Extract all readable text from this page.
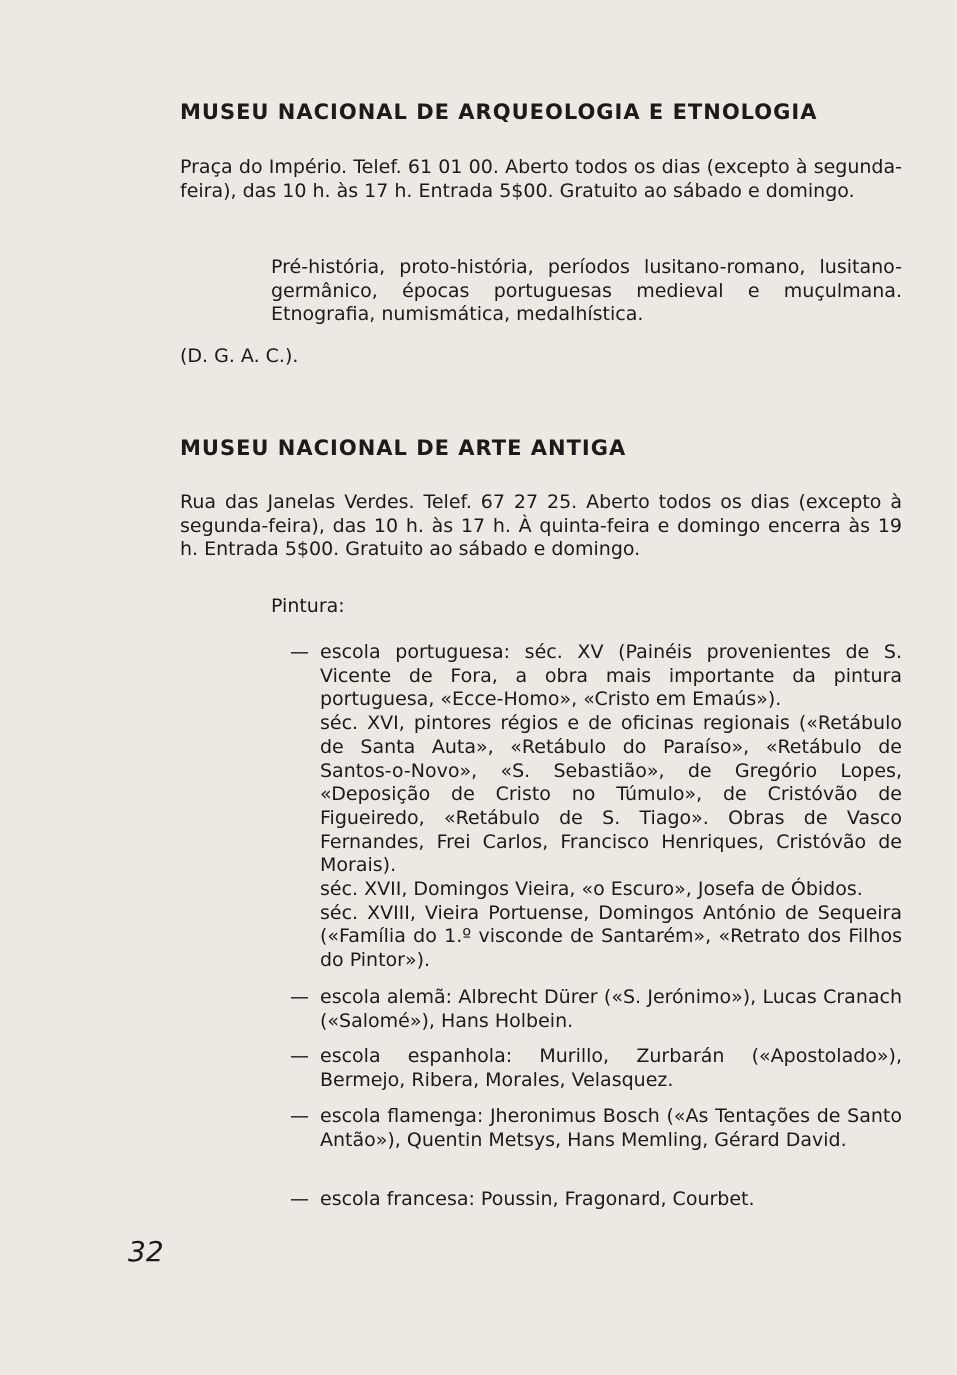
MUSEU NACIONAL DE ARQUEOLOGIA E ETNOLOGIA

Praça do Império. Telef. 61 01 00. Aberto todos os dias (excepto à segunda-feira), das 10 h. às 17 h. Entrada 5$00. Gratuito ao sábado e domingo.

Pré-história, proto-história, períodos lusitano-romano, lusitano-germânico, épocas portuguesas medieval e muçulmana. Etnografia, numismática, medalhística.

(D. G. A. C.).

MUSEU NACIONAL DE ARTE ANTIGA

Rua das Janelas Verdes. Telef. 67 27 25. Aberto todos os dias (excepto à segunda-feira), das 10 h. às 17 h. À quinta-feira e domingo encerra às 19 h. Entrada 5$00. Gratuito ao sábado e domingo.

Pintura:

— escola portuguesa: séc. XV (Painéis provenientes de S. Vicente de Fora, a obra mais importante da pintura portuguesa, «Ecce-Homo», «Cristo em Emaús»).
séc. XVI, pintores régios e de oficinas regionais («Retábulo de Santa Auta», «Retábulo do Paraíso», «Retábulo de Santos-o-Novo», «S. Sebastião», de Gregório Lopes, «Deposição de Cristo no Túmulo», de Cristóvão de Figueiredo, «Retábulo de S. Tiago». Obras de Vasco Fernandes, Frei Carlos, Francisco Henriques, Cristóvão de Morais).
séc. XVII, Domingos Vieira, «o Escuro», Josefa de Óbidos.
séc. XVIII, Vieira Portuense, Domingos António de Sequeira («Família do 1.º visconde de Santarém», «Retrato dos Filhos do Pintor»).
— escola alemã: Albrecht Dürer («S. Jerónimo»), Lucas Cranach («Salomé»), Hans Holbein.
— escola espanhola: Murillo, Zurbarán («Apostolado»), Bermejo, Ribera, Morales, Velasquez.
— escola flamenga: Jheronimus Bosch («As Tentações de Santo Antão»), Quentin Metsys, Hans Memling, Gérard David.
— escola francesa: Poussin, Fragonard, Courbet.
32
